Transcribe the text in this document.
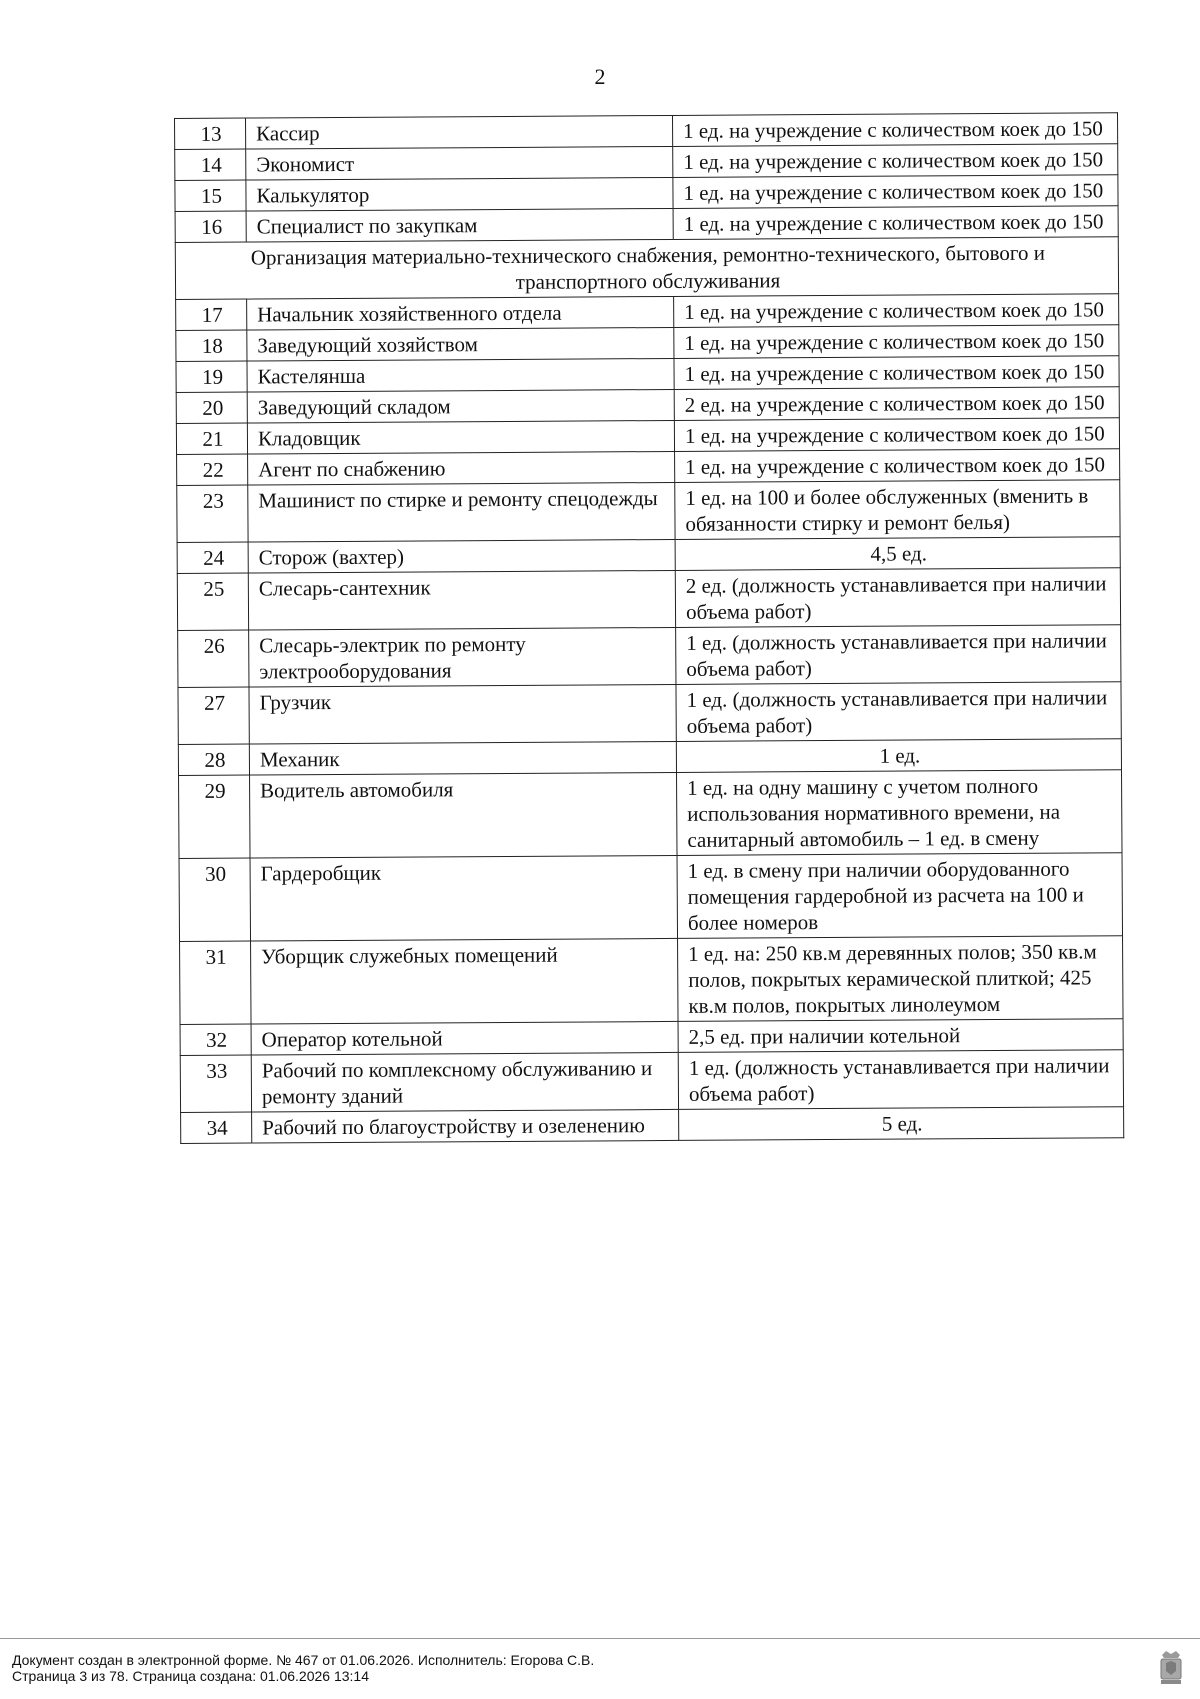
2
13	Кассир	1 ед. на учреждение с количеством коек до 150
14	Экономист	1 ед. на учреждение с количеством коек до 150
15	Калькулятор	1 ед. на учреждение с количеством коек до 150
16	Специалист по закупкам	1 ед. на учреждение с количеством коек до 150
Организация материально-технического снабжения, ремонтно-технического, бытового и транспортного обслуживания		
17	Начальник хозяйственного отдела	1 ед. на учреждение с количеством коек до 150
18	Заведующий хозяйством	1 ед. на учреждение с количеством коек до 150
19	Кастелянша	1 ед. на учреждение с количеством коек до 150
20	Заведующий складом	2 ед. на учреждение с количеством коек до 150
21	Кладовщик	1 ед. на учреждение с количеством коек до 150
22	Агент по снабжению	1 ед. на учреждение с количеством коек до 150
23	Машинист по стирке и ремонту спецодежды	1 ед. на 100 и более обслуженных (вменить в обязанности стирку и ремонт белья)
24	Сторож (вахтер)	4,5 ед.
25	Слесарь-сантехник	2 ед. (должность устанавливается при наличии объема работ)
26	Слесарь-электрик по ремонту электрооборудования	1 ед. (должность устанавливается при наличии объема работ)
27	Грузчик	1 ед. (должность устанавливается при наличии объема работ)
28	Механик	1 ед.
29	Водитель автомобиля	1 ед. на одну машину с учетом полного использования нормативного времени, на санитарный автомобиль – 1 ед. в смену
30	Гардеробщик	1 ед. в смену при наличии оборудованного помещения гардеробной из расчета на 100 и более номеров
31	Уборщик служебных помещений	1 ед. на: 250 кв.м деревянных полов; 350 кв.м полов, покрытых керамической плиткой; 425 кв.м полов, покрытых линолеумом
32	Оператор котельной	2,5 ед. при наличии котельной
33	Рабочий по комплексному обслуживанию и ремонту зданий	1 ед. (должность устанавливается при наличии объема работ)
34	Рабочий по благоустройству и озеленению	5 ед.
Документ создан в электронной форме. № 467 от 01.06.2026. Исполнитель: Егорова С.В.
Страница 3 из 78. Страница создана: 01.06.2026 13:14
